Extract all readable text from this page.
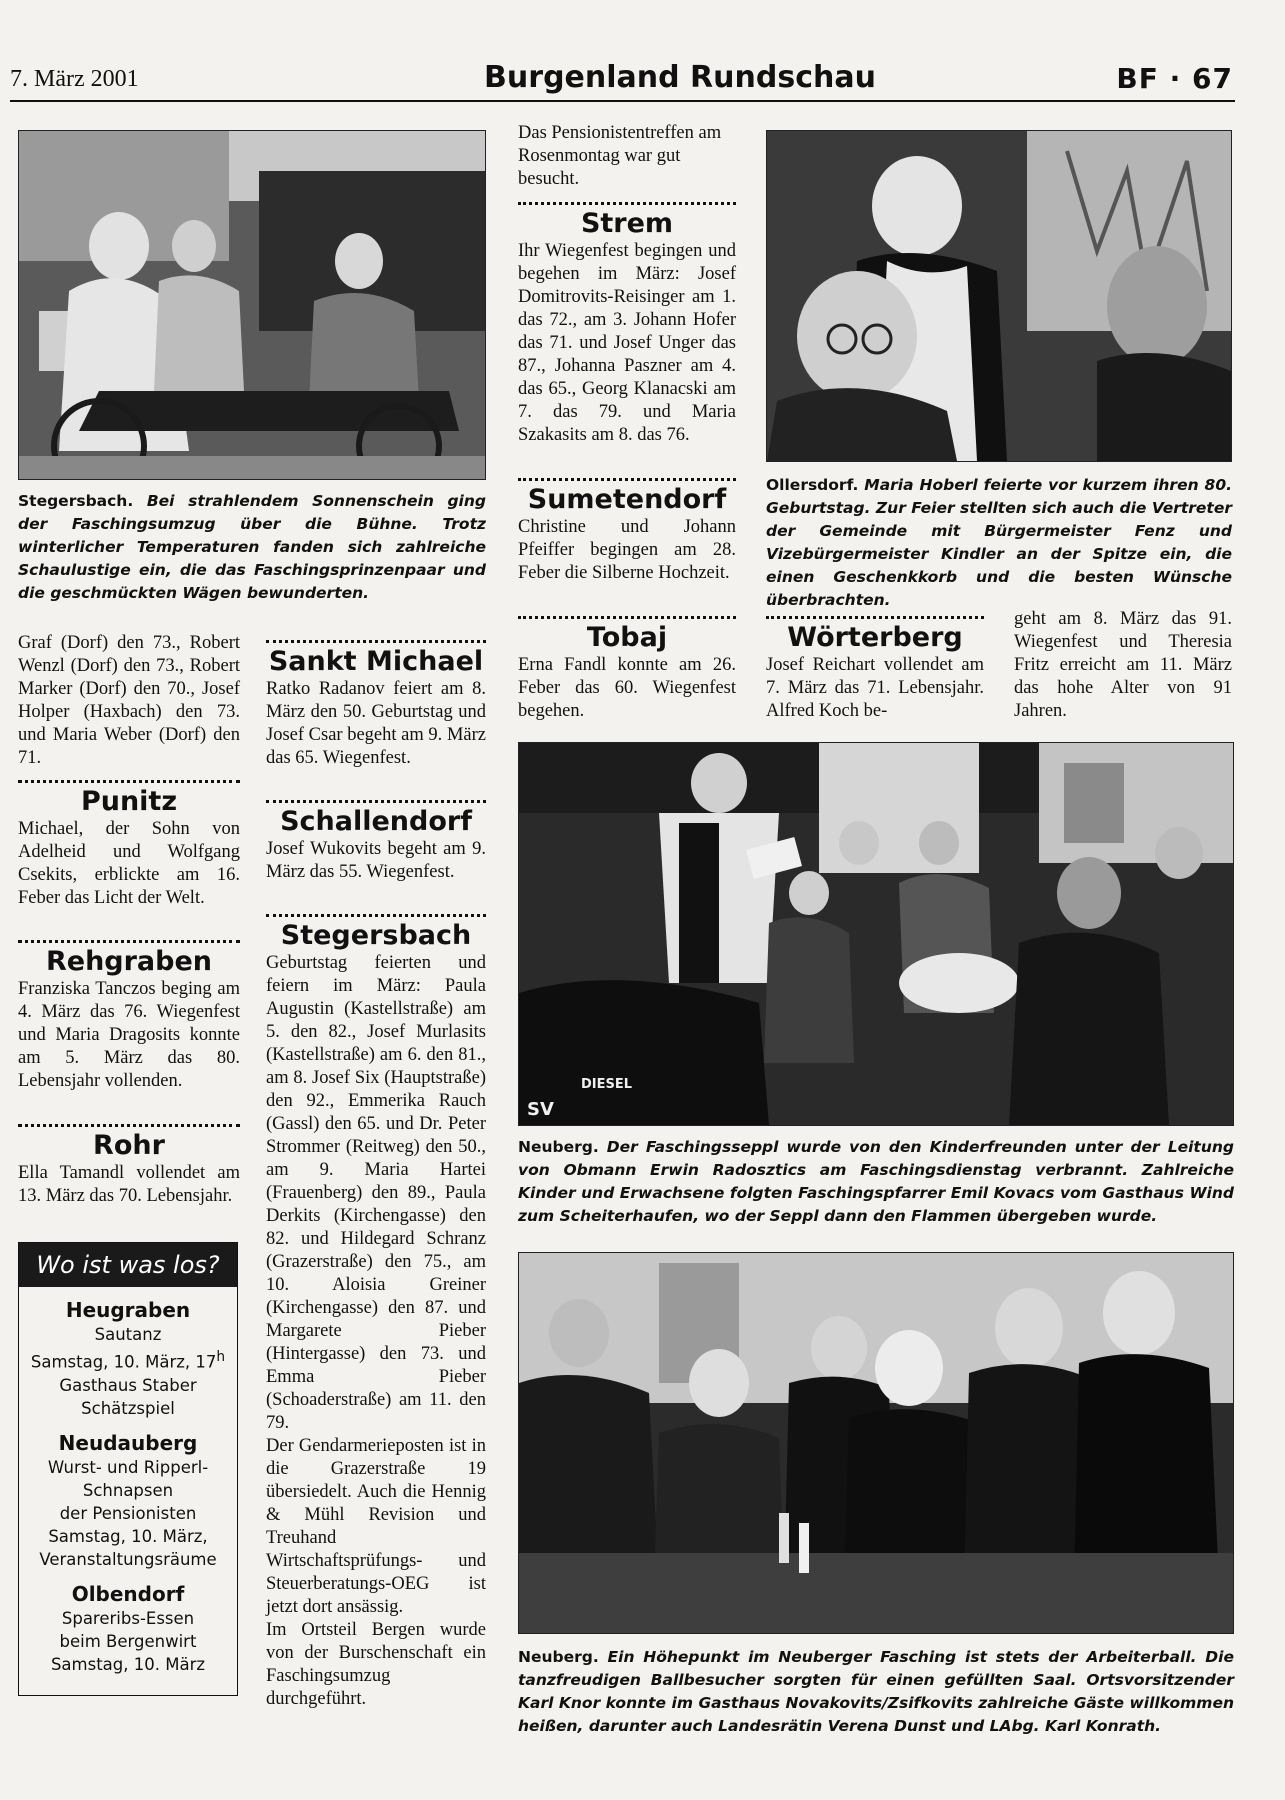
7. März 2001	Burgenland Rundschau	BF · 67
Stegersbach. Bei strahlendem Sonnenschein ging der Faschingsumzug über die Bühne. Trotz winterlicher Temperaturen fanden sich zahlreiche Schaulustige ein, die das Faschingsprinzenpaar und die geschmückten Wägen bewunderten.
Graf (Dorf) den 73., Robert Wenzl (Dorf) den 73., Robert Marker (Dorf) den 70., Josef Holper (Haxbach) den 73. und Maria Weber (Dorf) den 71.
Punitz
Michael, der Sohn von Adelheid und Wolfgang Csekits, erblickte am 16. Feber das Licht der Welt.
Rehgraben
Franziska Tanczos beging am 4. März das 76. Wiegenfest und Maria Dragosits konnte am 5. März das 80. Lebensjahr vollenden.
Rohr
Ella Tamandl vollendet am 13. März das 70. Lebensjahr.
Wo ist was los?
Heugraben
Sautanz
Samstag, 10. März, 17$^h$
Gasthaus Staber
Schätzspiel
Neudauberg
Wurst- und Ripperl-
Schnapsen
der Pensionisten
Samstag, 10. März,
Veranstaltungsräume
Olbendorf
Spareribs-Essen
beim Bergenwirt
Samstag, 10. März
Sankt Michael
Ratko Radanov feiert am 8. März den 50. Geburtstag und Josef Csar begeht am 9. März das 65. Wiegenfest.
Schallendorf
Josef Wukovits begeht am 9. März das 55. Wiegenfest.
Stegersbach
Geburtstag feierten und feiern im März: Paula Augustin (Kastellstraße) am 5. den 82., Josef Murlasits (Kastellstraße) am 6. den 81., am 8. Josef Six (Hauptstraße) den 92., Emmerika Rauch (Gassl) den 65. und Dr. Peter Strommer (Reitweg) den 50., am 9. Maria Hartei (Frauenberg) den 89., Paula Derkits (Kirchengasse) den 82. und Hildegard Schranz (Grazerstraße) den 75., am 10. Aloisia Greiner (Kirchengasse) den 87. und Margarete Pieber (Hintergasse) den 73. und Emma Pieber (Schoaderstraße) am 11. den 79.
Der Gendarmerieposten ist in die Grazerstraße 19 übersiedelt. Auch die Hennig & Mühl Revision und Treuhand Wirtschaftsprüfungs- und Steuerberatungs-OEG ist jetzt dort ansässig.
Im Ortsteil Bergen wurde von der Burschenschaft ein Faschingsumzug durchgeführt.
Das Pensionistentreffen am Rosenmontag war gut besucht.
Strem
Ihr Wiegenfest begingen und begehen im März: Josef Domitrovits-Reisinger am 1. das 72., am 3. Johann Hofer das 71. und Josef Unger das 87., Johanna Paszner am 4. das 65., Georg Klanacski am 7. das 79. und Maria Szakasits am 8. das 76.
Sumetendorf
Christine und Johann Pfeiffer begingen am 28. Feber die Silberne Hochzeit.
Tobaj
Erna Fandl konnte am 26. Feber das 60. Wiegenfest begehen.
Ollersdorf. Maria Hoberl feierte vor kurzem ihren 80. Geburtstag. Zur Feier stellten sich auch die Vertreter der Gemeinde mit Bürgermeister Fenz und Vizebürgermeister Kindler an der Spitze ein, die einen Geschenkkorb und die besten Wünsche überbrachten.
Wörterberg
Josef Reichart vollendet am 7. März das 71. Lebensjahr. Alfred Koch be-
geht am 8. März das 91. Wiegenfest und Theresia Fritz erreicht am 11. März das hohe Alter von 91 Jahren.
SV
DIESEL
Neuberg. Der Faschingsseppl wurde von den Kinderfreunden unter der Leitung von Obmann Erwin Radosztics am Faschingsdienstag verbrannt. Zahlreiche Kinder und Erwachsene folgten Faschingspfarrer Emil Kovacs vom Gasthaus Wind zum Scheiterhaufen, wo der Seppl dann den Flammen übergeben wurde.
Neuberg. Ein Höhepunkt im Neuberger Fasching ist stets der Arbeiterball. Die tanzfreudigen Ballbesucher sorgten für einen gefüllten Saal. Ortsvorsitzender Karl Knor konnte im Gasthaus Novakovits/Zsifkovits zahlreiche Gäste willkommen heißen, darunter auch Landesrätin Verena Dunst und LAbg. Karl Konrath.
